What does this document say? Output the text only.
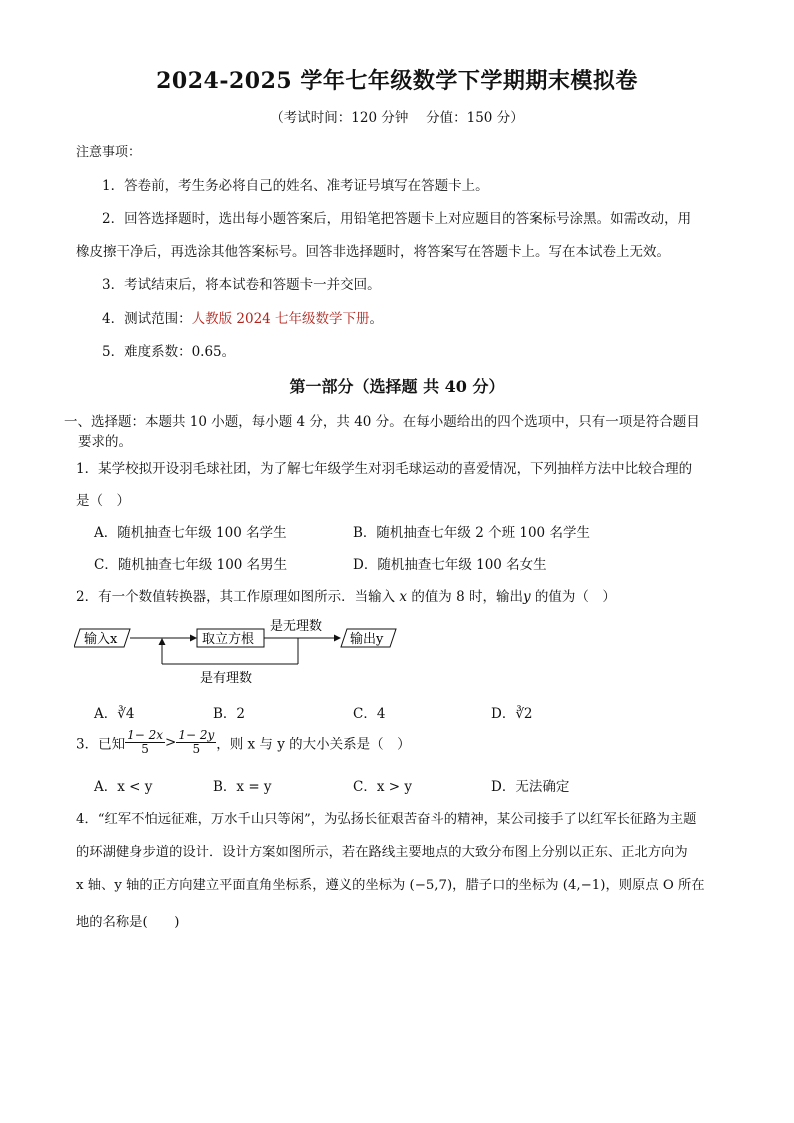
2024-2025 学年七年级数学下学期期末模拟卷
（考试时间：120 分钟　 分值：150 分）
注意事项：
1．答卷前，考生务必将自己的姓名、准考证号填写在答题卡上。
2．回答选择题时，选出每小题答案后，用铅笔把答题卡上对应题目的答案标号涂黑。如需改动，用
橡皮擦干净后，再选涂其他答案标号。回答非选择题时，将答案写在答题卡上。写在本试卷上无效。
3．考试结束后，将本试卷和答题卡一并交回。
4．测试范围：人教版 2024 七年级数学下册。
5．难度系数：0.65。
第一部分（选择题 共 40 分）
一、选择题：本题共 10 小题，每小题 4 分，共 40 分。在每小题给出的四个选项中，只有一项是符合题目
要求的。
1．某学校拟开设羽毛球社团，为了解七年级学生对羽毛球运动的喜爱情况，下列抽样方法中比较合理的
是（　）
A．随机抽查七年级 100 名学生	B．随机抽查七年级 2 个班 100 名学生
C．随机抽查七年级 100 名男生	D．随机抽查七年级 100 名女生
2．有一个数值转换器，其工作原理如图所示．当输入 x 的值为 8 时，输出y 的值为（　）
输入x	取立方根
是无理数
输出y
是有理数
A．∛4	B．2	C．4	D．∛2
3．已知 $\frac{1- 2x}{5} > \frac{1- 2y}{5}$ ，则 x 与 y 的大小关系是（　）
A．x < y	B．x = y	C．x > y	D．无法确定
4．“红军不怕远征难，万水千山只等闲”，为弘扬长征艰苦奋斗的精神，某公司接手了以红军长征路为主题
的环湖健身步道的设计．设计方案如图所示，若在路线主要地点的大致分布图上分别以正东、正北方向为
x 轴、y 轴的正方向建立平面直角坐标系，遵义的坐标为 (−5,7)，腊子口的坐标为 (4,−1)，则原点 O 所在
地的名称是(　　)
